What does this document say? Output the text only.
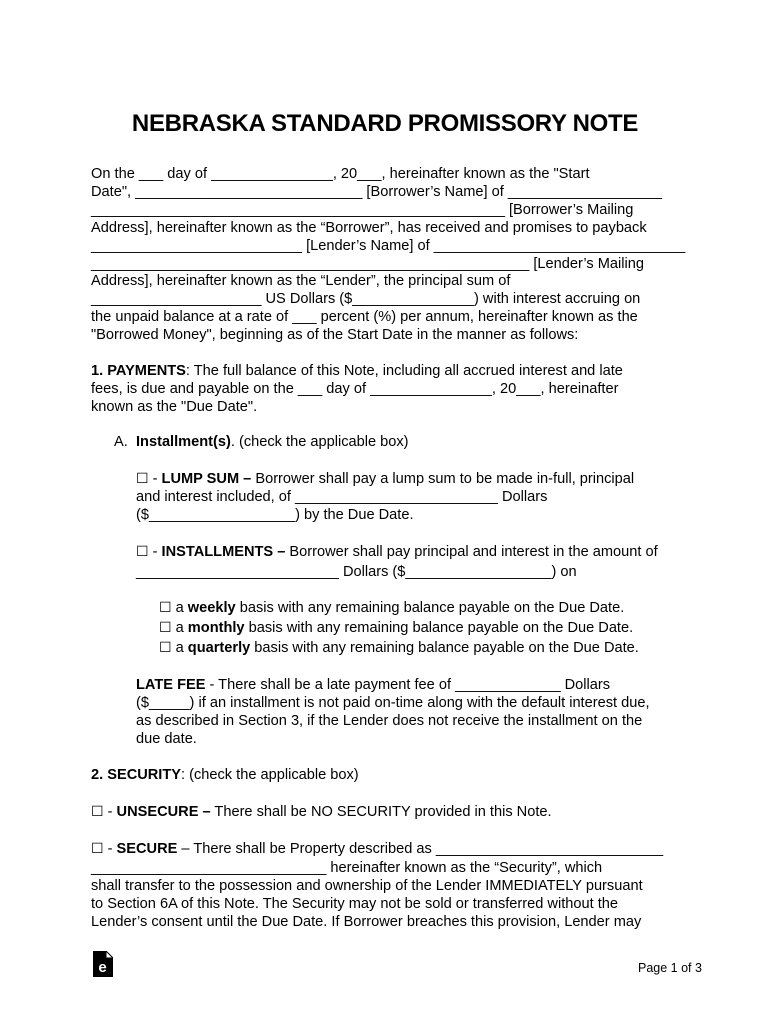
NEBRASKA STANDARD PROMISSORY NOTE
On the ___ day of _______________, 20___, hereinafter known as the "Start
Date", ____________________________ [Borrower’s Name] of ___________________
___________________________________________________ [Borrower’s Mailing
Address], hereinafter known as the “Borrower”, has received and promises to payback
__________________________ [Lender’s Name] of _______________________________
______________________________________________________ [Lender’s Mailing
Address], hereinafter known as the “Lender”, the principal sum of
_____________________ US Dollars ($_______________) with interest accruing on
the unpaid balance at a rate of ___ percent (%) per annum, hereinafter known as the
"Borrowed Money", beginning as of the Start Date in the manner as follows:
1. PAYMENTS: The full balance of this Note, including all accrued interest and late
fees, is due and payable on the ___ day of _______________, 20___, hereinafter
known as the "Due Date".
A. Installment(s). (check the applicable box)
☐ - LUMP SUM – Borrower shall pay a lump sum to be made in-full, principal
and interest included, of _________________________ Dollars
($__________________) by the Due Date.
☐ - INSTALLMENTS – Borrower shall pay principal and interest in the amount of
_________________________ Dollars ($__________________) on
☐ a weekly basis with any remaining balance payable on the Due Date.
☐ a monthly basis with any remaining balance payable on the Due Date.
☐ a quarterly basis with any remaining balance payable on the Due Date.
LATE FEE - There shall be a late payment fee of _____________ Dollars
($_____) if an installment is not paid on-time along with the default interest due,
as described in Section 3, if the Lender does not receive the installment on the
due date.
2. SECURITY: (check the applicable box)
☐ - UNSECURE – There shall be NO SECURITY provided in this Note.
☐ - SECURE – There shall be Property described as ____________________________
_____________________________ hereinafter known as the “Security”, which
shall transfer to the possession and ownership of the Lender IMMEDIATELY pursuant
to Section 6A of this Note. The Security may not be sold or transferred without the
Lender’s consent until the Due Date. If Borrower breaches this provision, Lender may
e	Page 1 of 3
